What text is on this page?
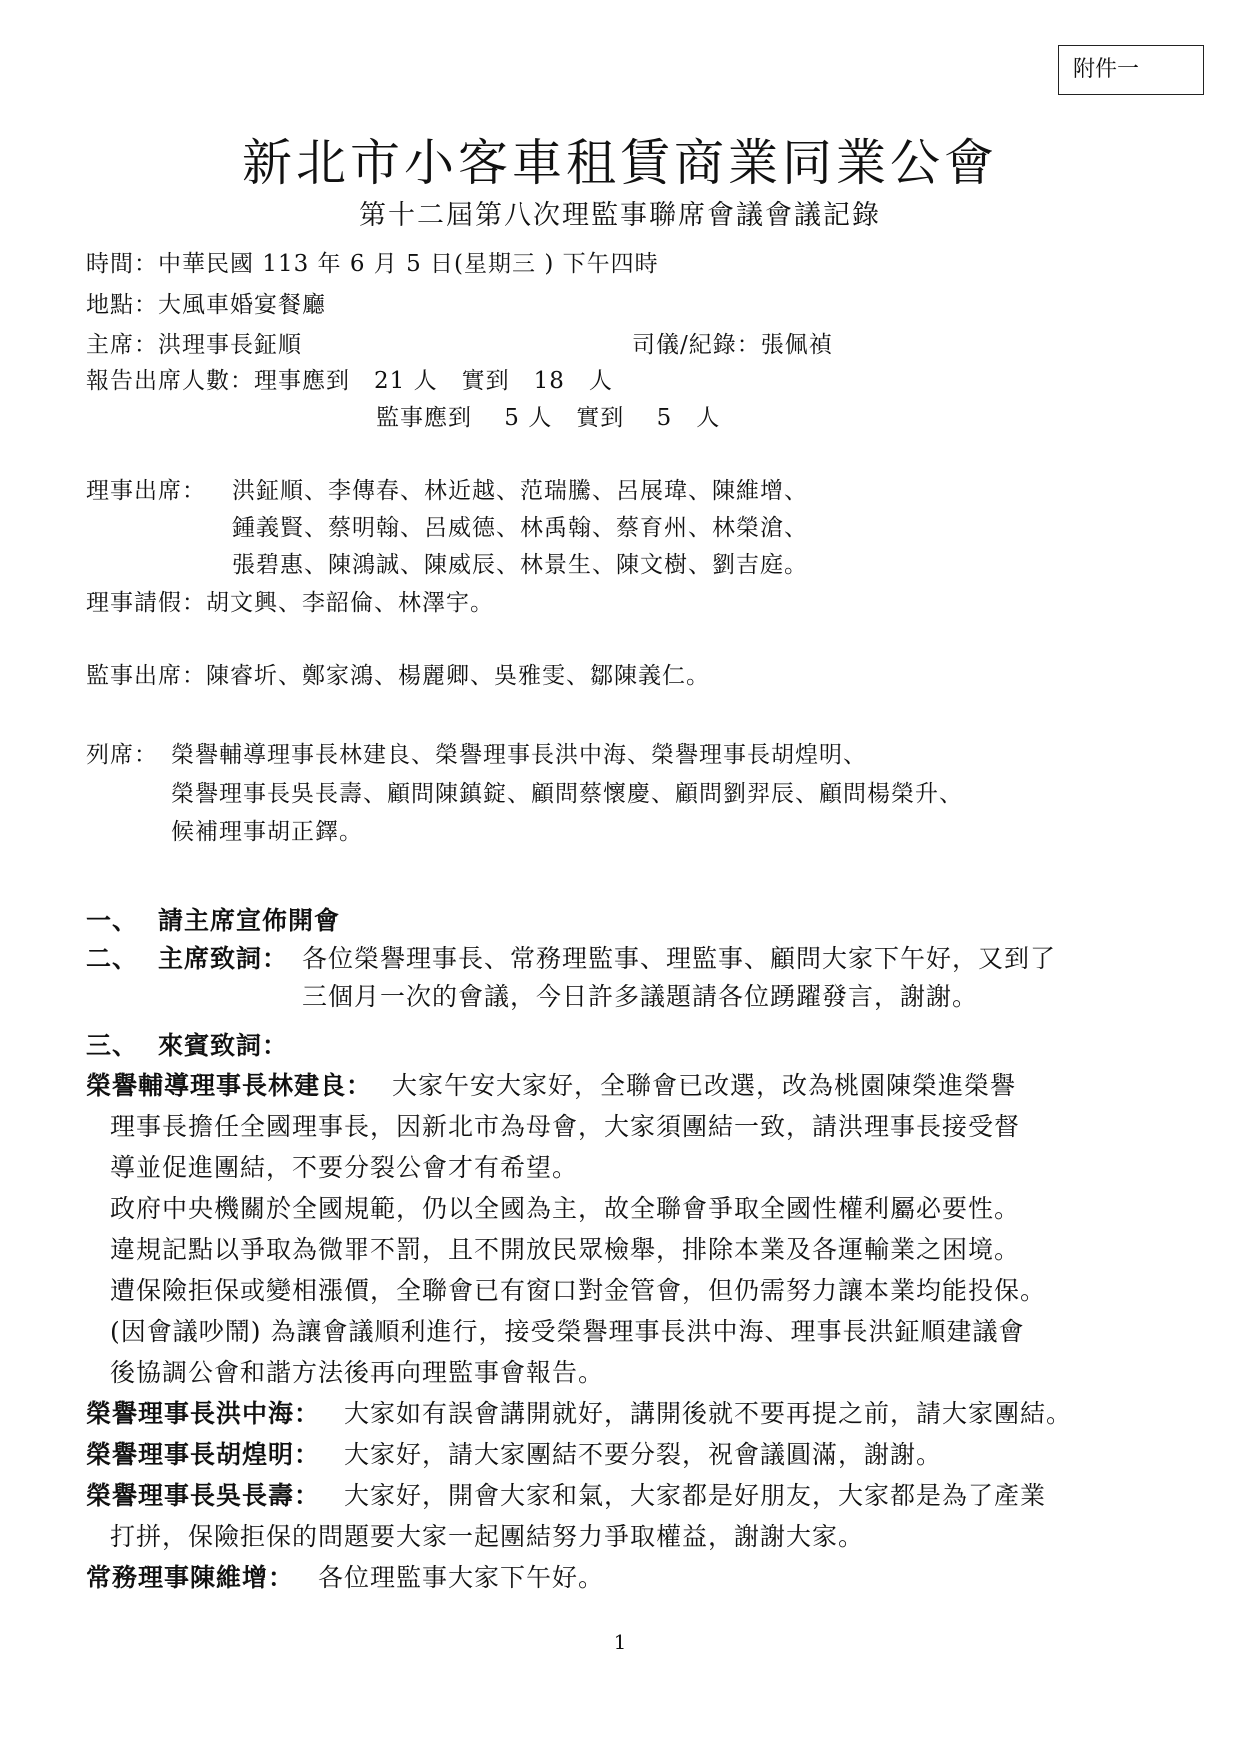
附件一
新北市小客車租賃商業同業公會
第十二屆第八次理監事聯席會議會議記錄
時間：中華民國 113 年 6 月 5 日(星期三 ) 下午四時
地點：大風車婚宴餐廳
主席：洪理事長鉦順	司儀/紀錄：張佩禎
報告出席人數：理事應到　21 人　實到　18　人
監事應到　 5 人　實到　 5　人
理事出席： 洪鉦順、李傳春、林近越、范瑞騰、呂展瑋、陳維增、
鍾義賢、蔡明翰、呂威德、林禹翰、蔡育州、林榮滄、
張碧惠、陳鴻誠、陳威辰、林景生、陳文樹、劉吉庭。
理事請假：胡文興、李韶倫、林澤宇。
監事出席：陳睿圻、鄭家鴻、楊麗卿、吳雅雯、鄒陳義仁。
列席： 榮譽輔導理事長林建良、榮譽理事長洪中海、榮譽理事長胡煌明、
榮譽理事長吳長壽、顧問陳鎮錠、顧問蔡懷慶、顧問劉羿辰、顧問楊榮升、
候補理事胡正鐸。
一、 請主席宣佈開會
二、 主席致詞： 各位榮譽理事長、常務理監事、理監事、顧問大家下午好，又到了
三個月一次的會議，今日許多議題請各位踴躍發言，謝謝。
三、 來賓致詞：
榮譽輔導理事長林建良： 大家午安大家好，全聯會已改選，改為桃園陳榮進榮譽
理事長擔任全國理事長，因新北市為母會，大家須團結一致，請洪理事長接受督
導並促進團結，不要分裂公會才有希望。
政府中央機關於全國規範，仍以全國為主，故全聯會爭取全國性權利屬必要性。
違規記點以爭取為微罪不罰，且不開放民眾檢舉，排除本業及各運輸業之困境。
遭保險拒保或變相漲價，全聯會已有窗口對金管會，但仍需努力讓本業均能投保。
(因會議吵鬧) 為讓會議順利進行，接受榮譽理事長洪中海、理事長洪鉦順建議會
後協調公會和諧方法後再向理監事會報告。
榮譽理事長洪中海： 大家如有誤會講開就好，講開後就不要再提之前，請大家團結。
榮譽理事長胡煌明： 大家好，請大家團結不要分裂，祝會議圓滿，謝謝。
榮譽理事長吳長壽： 大家好，開會大家和氣，大家都是好朋友，大家都是為了產業
打拼，保險拒保的問題要大家一起團結努力爭取權益，謝謝大家。
常務理事陳維增： 各位理監事大家下午好。
1
